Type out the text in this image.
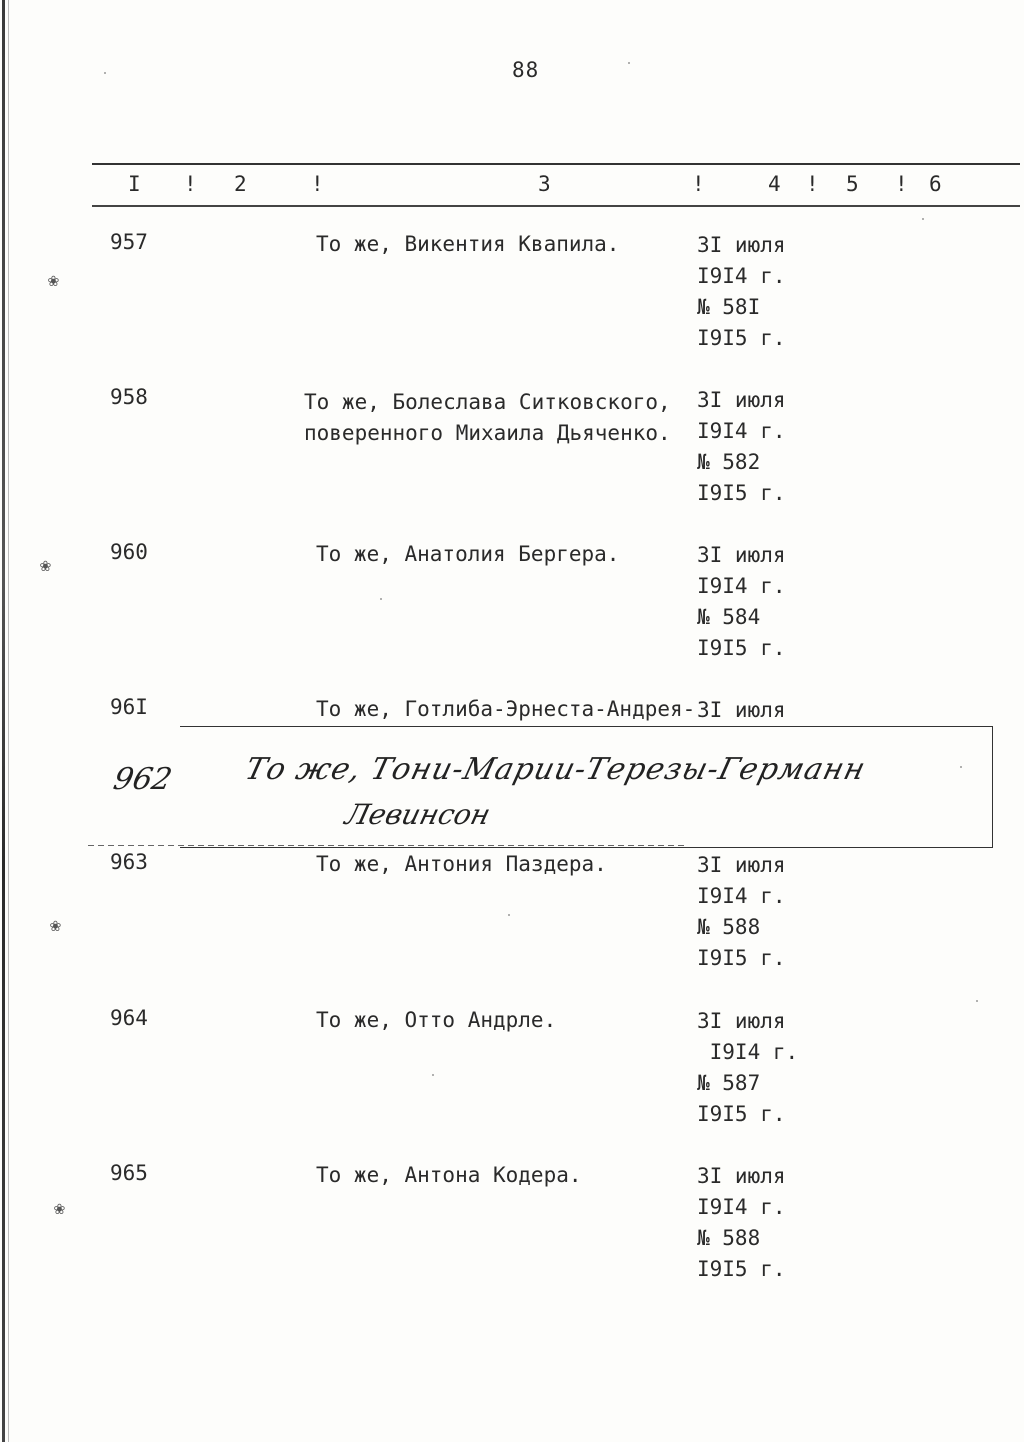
88
I ! 2	!	3	!	4 ! 5 ! 6
957	То же, Викентия Квапила.	3I июля
I9I4 г.
№ 58I
I9I5 г.
958	То же, Болеслава Ситковского,
поверенного Михаила Дьяченко.
3I июля
I9I4 г.
№ 582
I9I5 г.
960	То же, Анатолия Бергера.	3I июля
I9I4 г.
№ 584
I9I5 г.
96I	То же, Готлиба-Эрнеста-Андрея- 3I июля
962 То же, Тони-Марии-Терезы-Германн
Левинсон
963	То же, Антония Паздера.	3I июля
I9I4 г.
№ 588
I9I5 г.
964	То же, Отто Андрле.	3I июля
I9I4 г.
№ 587
I9I5 г.
965	То же, Антона Кодера.	3I июля
I9I4 г.
№ 588
I9I5 г.
❀
❀
❀
❀
